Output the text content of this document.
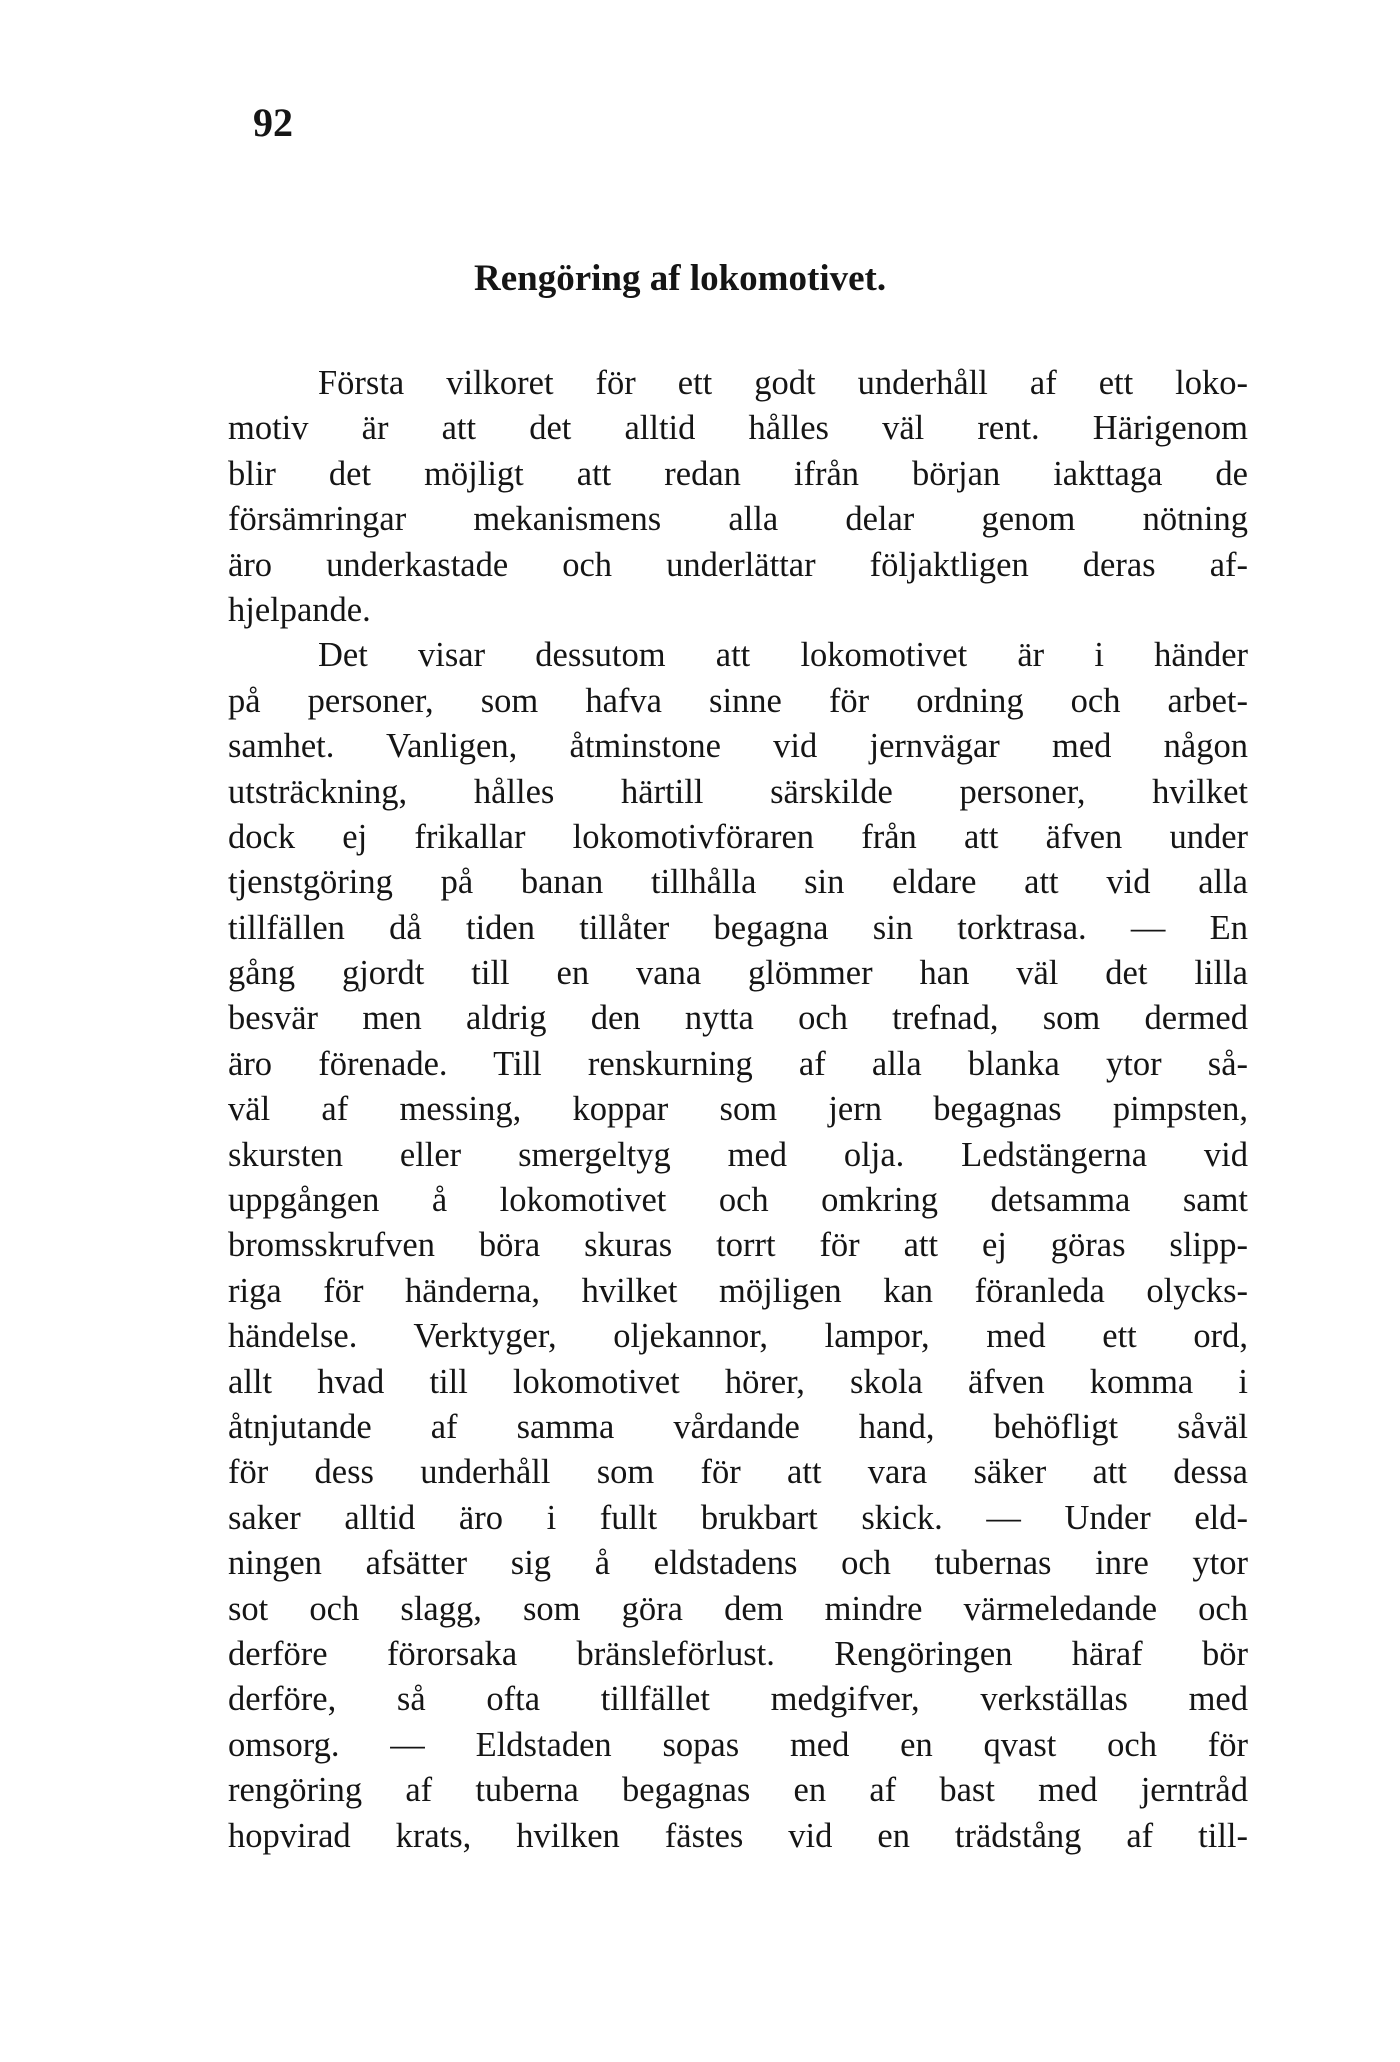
92
Rengöring af lokomotivet.
Första vilkoret för ett godt underhåll af ett loko-
motiv är att det alltid hålles väl rent. Härigenom
blir det möjligt att redan ifrån början iakttaga de
försämringar mekanismens alla delar genom nötning
äro underkastade och underlättar följaktligen deras af-
hjelpande.
Det visar dessutom att lokomotivet är i händer
på personer, som hafva sinne för ordning och arbet-
samhet. Vanligen, åtminstone vid jernvägar med någon
utsträckning, hålles härtill särskilde personer, hvilket
dock ej frikallar lokomotivföraren från att äfven under
tjenstgöring på banan tillhålla sin eldare att vid alla
tillfällen då tiden tillåter begagna sin torktrasa. — En
gång gjordt till en vana glömmer han väl det lilla
besvär men aldrig den nytta och trefnad, som dermed
äro förenade. Till renskurning af alla blanka ytor så-
väl af messing, koppar som jern begagnas pimpsten,
skursten eller smergeltyg med olja. Ledstängerna vid
uppgången å lokomotivet och omkring detsamma samt
bromsskrufven böra skuras torrt för att ej göras slipp-
riga för händerna, hvilket möjligen kan föranleda olycks-
händelse. Verktyger, oljekannor, lampor, med ett ord,
allt hvad till lokomotivet hörer, skola äfven komma i
åtnjutande af samma vårdande hand, behöfligt såväl
för dess underhåll som för att vara säker att dessa
saker alltid äro i fullt brukbart skick. — Under eld-
ningen afsätter sig å eldstadens och tubernas inre ytor
sot och slagg, som göra dem mindre värmeledande och
derföre förorsaka bränsleförlust. Rengöringen häraf bör
derföre, så ofta tillfället medgifver, verkställas med
omsorg. — Eldstaden sopas med en qvast och för
rengöring af tuberna begagnas en af bast med jerntråd
hopvirad krats, hvilken fästes vid en trädstång af till-
